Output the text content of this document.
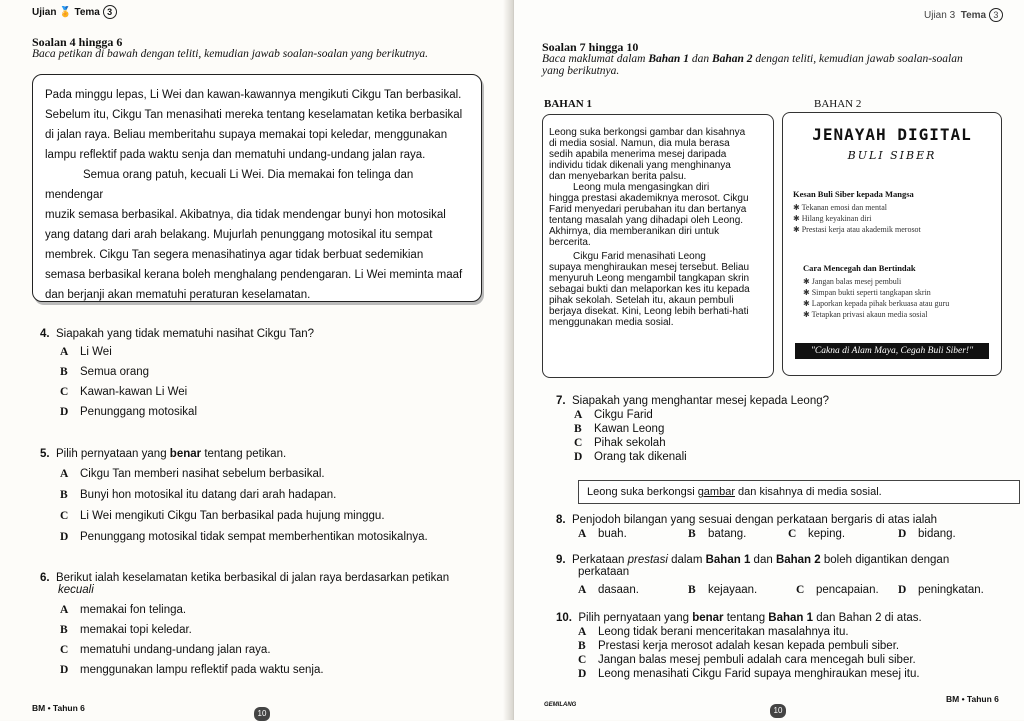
Ujian 🏅 Tema 3
Soalan 4 hingga 6
Baca petikan di bawah dengan teliti, kemudian jawab soalan-soalan yang berikutnya.

Pada minggu lepas, Li Wei dan kawan-kawannya mengikuti Cikgu Tan berbasikal.

Sebelum itu, Cikgu Tan menasihati mereka tentang keselamatan ketika berbasikal

di jalan raya. Beliau memberitahu supaya memakai topi keledar, menggunakan

lampu reflektif pada waktu senja dan mematuhi undang-undang jalan raya.

Semua orang patuh, kecuali Li Wei. Dia memakai fon telinga dan mendengar

muzik semasa berbasikal. Akibatnya, dia tidak mendengar bunyi hon motosikal

yang datang dari arah belakang. Mujurlah penunggang motosikal itu sempat

membrek. Cikgu Tan segera menasihatinya agar tidak berbuat sedemikian

semasa berbasikal kerana boleh menghalang pendengaran. Li Wei meminta maaf

dan berjanji akan mematuhi peraturan keselamatan.

4. Siapakah yang tidak mematuhi nasihat Cikgu Tan?
A Li Wei
B Semua orang
C Kawan-kawan Li Wei
D Penunggang motosikal
5. Pilih pernyataan yang benar tentang petikan.
A Cikgu Tan memberi nasihat sebelum berbasikal.
B Bunyi hon motosikal itu datang dari arah hadapan.
C Li Wei mengikuti Cikgu Tan berbasikal pada hujung minggu.
D Penunggang motosikal tidak sempat memberhentikan motosikalnya.
6. Berikut ialah keselamatan ketika berbasikal di jalan raya berdasarkan petikan
kecuali
A memakai fon telinga.
B memakai topi keledar.
C mematuhi undang-undang jalan raya.
D menggunakan lampu reflektif pada waktu senja.
BM • Tahun 6
10
Ujian 3 Tema 3
Soalan 7 hingga 10
Baca maklumat dalam Bahan 1 dan Bahan 2 dengan teliti, kemudian jawab soalan-soalan
yang berikutnya.
BAHAN 1	BAHAN 2
Leong suka berkongsi gambar dan kisahnya
di media sosial. Namun, dia mula berasa
sedih apabila menerima mesej daripada
individu tidak dikenali yang menghinanya
dan menyebarkan berita palsu.
Leong mula mengasingkan diri
hingga prestasi akademiknya merosot. Cikgu
Farid menyedari perubahan itu dan bertanya
tentang masalah yang dihadapi oleh Leong.
Akhirnya, dia memberanikan diri untuk
bercerita.
Cikgu Farid menasihati Leong
supaya menghiraukan mesej tersebut. Beliau
menyuruh Leong mengambil tangkapan skrin
sebagai bukti dan melaporkan kes itu kepada
pihak sekolah. Setelah itu, akaun pembuli
berjaya disekat. Kini, Leong lebih berhati-hati
menggunakan media sosial.
JENAYAH DIGITAL
BULI SIBER
Kesan Buli Siber kepada Mangsa
✱ Tekanan emosi dan mental
✱ Hilang keyakinan diri
✱ Prestasi kerja atau akademik merosot
Cara Mencegah dan Bertindak
✱ Jangan balas mesej pembuli
✱ Simpan bukti seperti tangkapan skrin
✱ Laporkan kepada pihak berkuasa atau guru
✱ Tetapkan privasi akaun media sosial
"Cakna di Alam Maya, Cegah Buli Siber!"
7. Siapakah yang menghantar mesej kepada Leong?
A Cikgu Farid
B Kawan Leong
C Pihak sekolah
D Orang tak dikenali
Leong suka berkongsi gambar dan kisahnya di media sosial.
8. Penjodoh bilangan yang sesuai dengan perkataan bergaris di atas ialah
A buah.	B batang.	C keping.	D bidang.
9. Perkataan prestasi dalam Bahan 1 dan Bahan 2 boleh digantikan dengan
perkataan
A dasaan.	B kejayaan.	C pencapaian. D peningkatan.
10. Pilih pernyataan yang benar tentang Bahan 1 dan Bahan 2 di atas.
A Leong tidak berani menceritakan masalahnya itu.
B Prestasi kerja merosot adalah kesan kepada pembuli siber.
C Jangan balas mesej pembuli adalah cara mencegah buli siber.
D Leong menasihati Cikgu Farid supaya menghiraukan mesej itu.
GEMILANG
10
BM • Tahun 6
